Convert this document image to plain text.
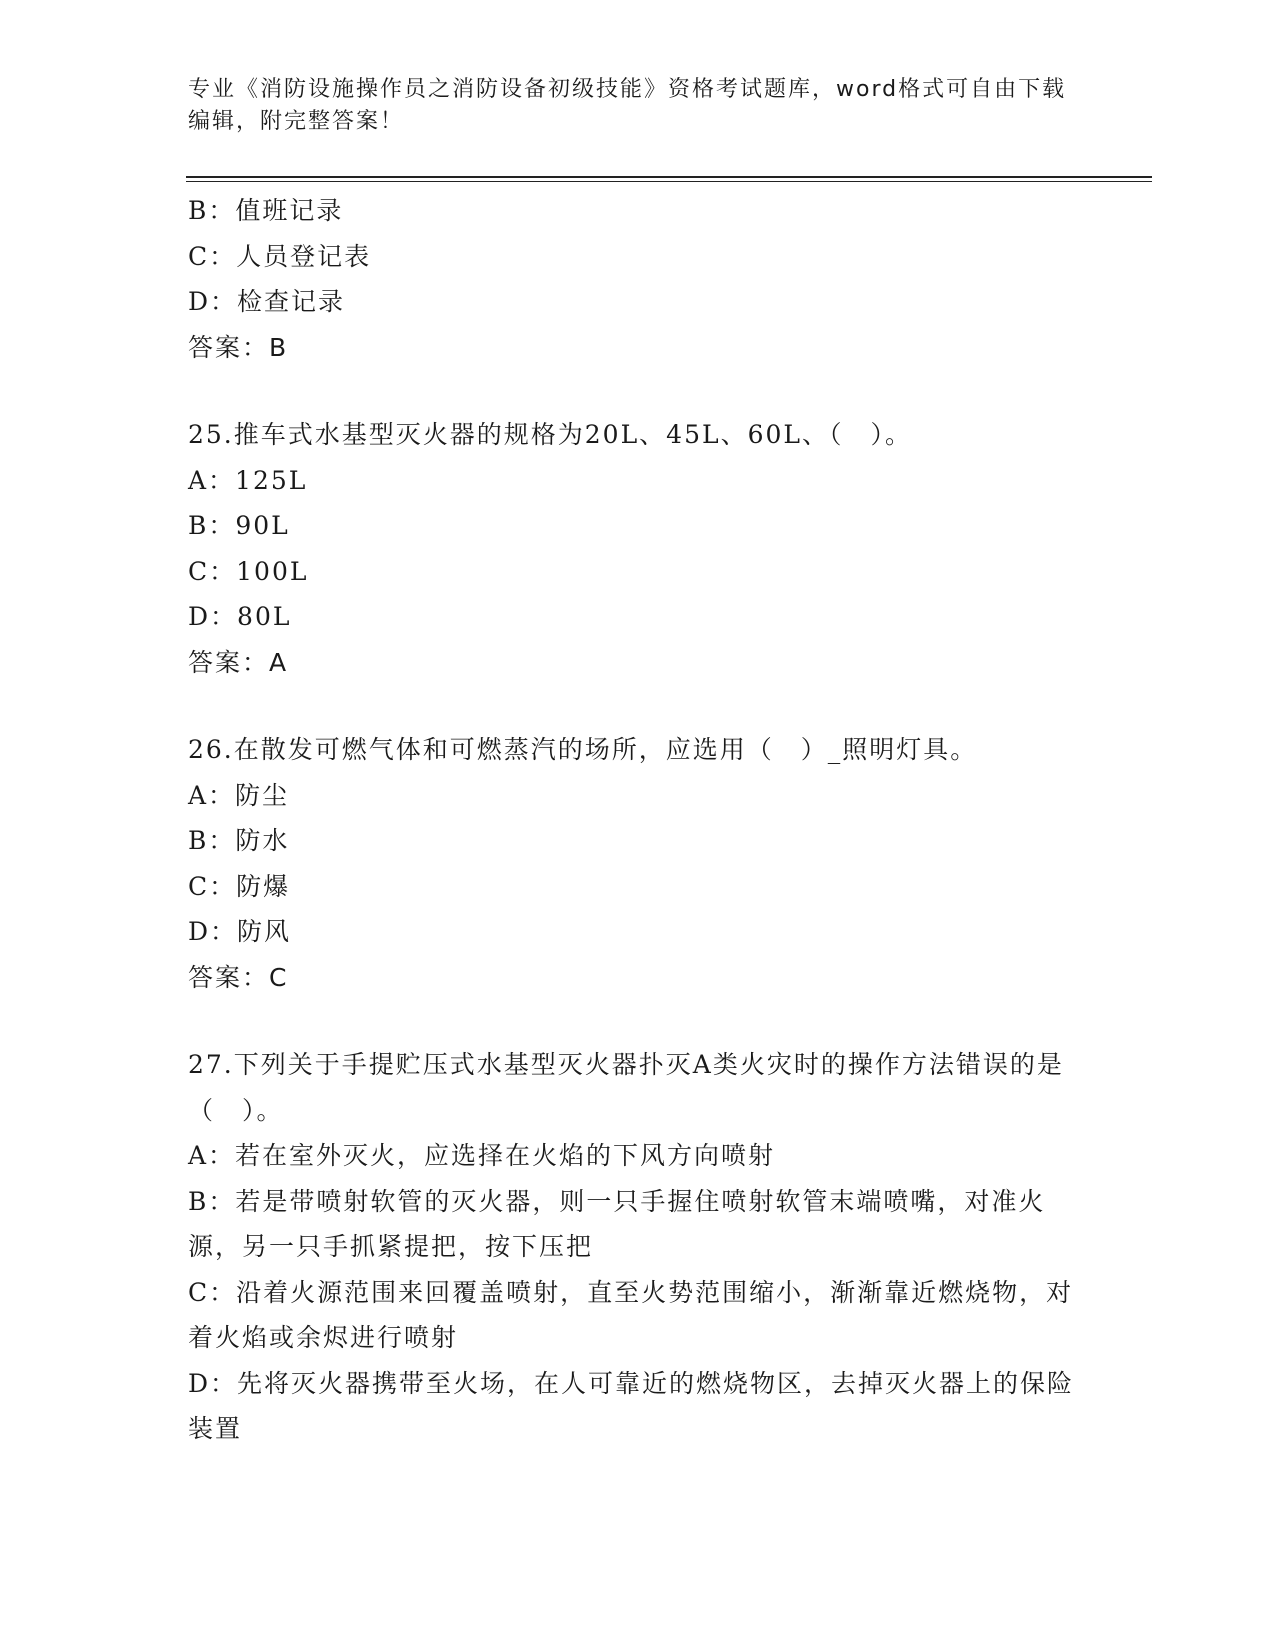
专业《消防设施操作员之消防设备初级技能》资格考试题库，word格式可自由下载编辑，附完整答案！
B：值班记录
C：人员登记表
D：检查记录
答案：B
25.推车式水基型灭火器的规格为20L、45L、60L、（　）。
A：125L
B：90L
C：100L
D：80L
答案：A
26.在散发可燃气体和可燃蒸汽的场所，应选用（　）_照明灯具。
A：防尘
B：防水
C：防爆
D：防风
答案：C
27.下列关于手提贮压式水基型灭火器扑灭A类火灾时的操作方法错误的是（　）。
A：若在室外灭火，应选择在火焰的下风方向喷射
B：若是带喷射软管的灭火器，则一只手握住喷射软管末端喷嘴，对准火源，另一只手抓紧提把，按下压把
C：沿着火源范围来回覆盖喷射，直至火势范围缩小，渐渐靠近燃烧物，对着火焰或余烬进行喷射
D：先将灭火器携带至火场，在人可靠近的燃烧物区，去掉灭火器上的保险装置
